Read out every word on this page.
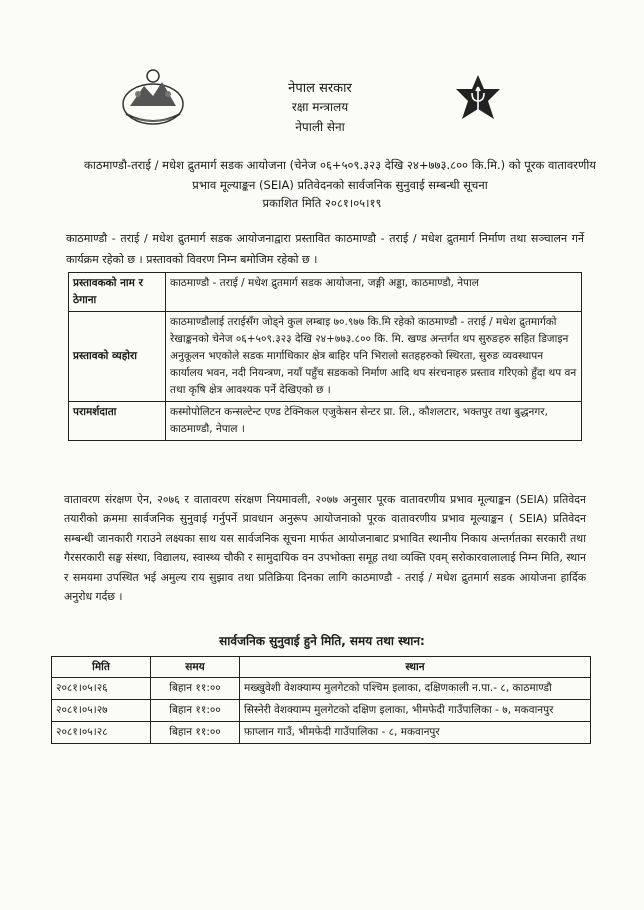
नेपाल सरकार
रक्षा मन्त्रालय
नेपाली सेना
काठमाण्डौ-तराई / मधेश द्रुतमार्ग सडक आयोजना (चेनेज ०६+५०९.३२३ देखि २४+७७३.८०० कि.मि.) को पूरक वातावरणीय प्रभाव मूल्याङ्कन (SEIA) प्रतिवेदनको सार्वजनिक सुनुवाई सम्बन्धी सूचना
प्रकाशित मिति २०८१।०५।१९
काठमाण्डौ - तराई / मधेश द्रुतमार्ग सडक आयोजनाद्वारा प्रस्तावित काठमाण्डौ - तराई / मधेश द्रुतमार्ग निर्माण तथा सञ्चालन गर्ने कार्यक्रम रहेको छ । प्रस्तावको विवरण निम्न बमोजिम रहेको छ ।
प्रस्तावकको नाम र ठेगाना	काठमाण्डौ - तराई / मधेश द्रुतमार्ग सडक आयोजना, जङ्गी अड्डा, काठमाण्डौ, नेपाल
प्रस्तावको व्यहोरा	काठमाण्डौलाई तराईसँग जोड्ने कुल लम्बाइ ७०.९७७ कि.मि रहेको काठमाण्डौ - तराई / मधेश द्रुतमार्गको रेखाङ्कनको चेनेज ०६+५०९.३२३ देखि २४+७७३.८०० कि. मि. खण्ड अन्तर्गत थप सुरुङहरु सहित डिजाइन अनुकूलन भएकोले सडक मार्गाधिकार क्षेत्र बाहिर पनि भिरालो सतहहरुको स्थिरता, सुरुङ व्यवस्थापन कार्यालय भवन, नदी नियन्त्रण, नयाँ पहुँच सडकको निर्माण आदि थप संरचनाहरु प्रस्ताव गरिएको हुँदा थप वन तथा कृषि क्षेत्र आवश्यक पर्ने देखिएको छ ।
परामर्शदाता	कस्मोपोलिटन कन्सल्टेन्ट एण्ड टेक्निकल एजुकेसन सेन्टर प्रा. लि., कौशलटार, भक्तपुर तथा बुद्धनगर, काठमाण्डौ, नेपाल ।
वातावरण संरक्षण ऐन, २०७६ र वातावरण संरक्षण नियमावली, २०७७ अनुसार पूरक वातावरणीय प्रभाव मूल्याङ्कन (SEIA) प्रतिवेदन तयारीको क्रममा सार्वजनिक सुनुवाई गर्नुपर्ने प्रावधान अनुरूप आयोजनाको पूरक वातावरणीय प्रभाव मूल्याङ्कन ( SEIA) प्रतिवेदन सम्बन्धी जानकारी गराउने लक्ष्यका साथ यस सार्वजनिक सूचना मार्फत आयोजनाबाट प्रभावित स्थानीय निकाय अन्तर्गतका सरकारी तथा गैरसरकारी सङ्घ संस्था, विद्यालय, स्वास्थ्य चौकी र सामुदायिक वन उपभोक्ता समूह तथा व्यक्ति एवम् सरोकारवालालाई निम्न मिति, स्थान र समयमा उपस्थित भई अमुल्य राय सुझाव तथा प्रतिक्रिया दिनका लागि काठमाण्डौ - तराई / मधेश द्रुतमार्ग सडक आयोजना हार्दिक अनुरोध गर्दछ ।
सार्वजनिक सुनुवाई हुने मिति, समय तथा स्थान:
मिति	समय	स्थान
२०८१।०५।२६	बिहान ११:००	मख्खुवेशी वेशक्याम्प मुलगेटको पश्चिम इलाका, दक्षिणकाली न.पा.- ८, काठमाण्डौ
२०८१।०५।२७	बिहान ११:००	सिस्नेरी वेशक्याम्प मुलगेटको दक्षिण इलाका, भीमफेदी गाउँपालिका - ७, मकवानपुर
२०८१।०५।२८	बिहान ११:००	फाप्लान गाउँ, भीमफेदी गाउँपालिका - ८, मकवानपुर
